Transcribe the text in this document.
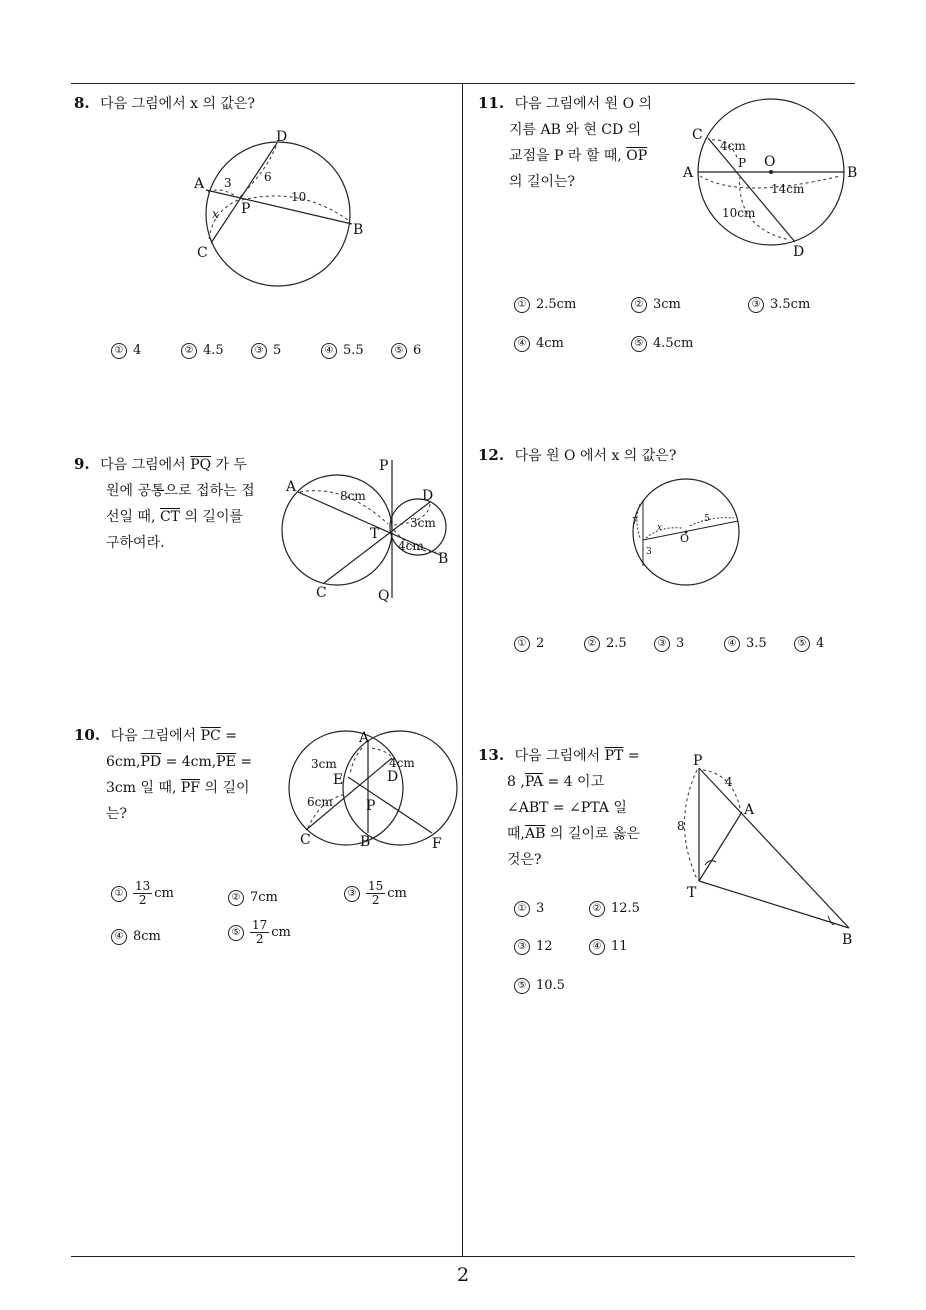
2
8. 다음 그림에서 x 의 값은?
D
A 3	6
P
10
x
C
B
① 4	② 4.5	③ 5	④ 5.5	⑤ 6
9. 다음 그림에서 $\overline{PQ}$ 가 두
원에 공통으로 접하는 접
선일 때, $\overline{CT}$ 의 길이를
구하여라.
P
A
8cm	D
T
3cm
4cm
B
C	Q
10. 다음 그림에서 $\overline{PC}$ =
$6cm,\overline{PD} = 4cm,\overline{PE}$ =
3cm 일 때, $\overline{PF}$ 의 길이
는?
A
3cm	4cm
E	D
6cm P
C	B	F
① $\frac{13}{2}$ cm	② 7cm	③ $\frac{15}{2}$ cm
④ 8cm	⑤ $\frac{17}{2}$ cm
11. 다음 그림에서 원 O 의
지름 AB 와 현 CD 의
교점을 P 라 할 때, $\overline{OP}$
의 길이는?
C
4cm
P O
A	B
14cm
10cm
D
① 2.5cm	② 3cm	③ 3.5cm
④ 4cm	⑤ 4.5cm
12. 다음 원 O 에서 x 의 값은?
7
x
5
O
3
① 2	② 2.5	③ 3	④ 3.5	⑤ 4
13. 다음 그림에서 $\overline{PT}$ =
8 $,\overline{PA} = 4$ 이고
∠ABT = ∠PTA 일
때$,\overline{AB}$ 의 길이로 옳은
것은?
P
4
A
8
T
B
① 3	② 12.5
③ 12	④ 11
⑤ 10.5
